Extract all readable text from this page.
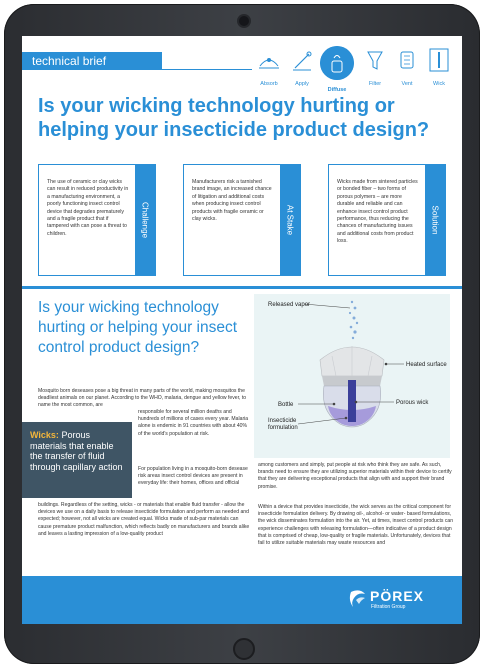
technical brief
Absorb	Apply
Diffuse
Filter	Vent	Wick
Is your wicking technology hurting or helping your insecticide product design?
The use of ceramic or clay wicks can result in reduced productivity in a manufacturing environment, a poorly functioning insect control device that degrades prematurely and a fragile product that if tampered with can pose a threat to children.	Challenge
Manufacturers risk a tarnished brand image, an increased chance of litigation and additional costs when producing insect control products with fragile ceramic or clay wicks.	At Stake
Wicks made from sintered particles or bonded fiber – two forms of porous polymers – are more durable and reliable and can enhance insect control product performance, thus reducing the chances of manufacturing issues and additional costs from product loss.
Solution
Is your wicking technology hurting or helping your insect control product design?
Mosquito born deseases pose a big threat in many parts of the world, making mosquitos the deadliest animals on our planet. According to the WHO, malaria, dengue and yellow fever, to name the most common, are
Wicks: Porous materials that enable the transfer of fluid through capillary action
responsible for several million deaths and hundreds of millions of cases every year. Malaria alone is endemic in 91 countries with about 40% of the world's population at risk.
For population living in a mosquito-born desease risk areas insect control devices are present in everyday life: their homes, offices and official
buildings. Regardless of the setting, wicks - or materials that enable fluid transfer - allow the devices we use on a daily basis to release insecticide formulation and perform as needed and expected; however, not all wicks are created equal. Wicks made of sub-par materials can cause premature product malfunction, which reflects badly on manufacturers and brands alike and leaves a lasting impression of a low-quality product
Released vapor
Heated surface
Bottle	Porous wick
Insecticide
formulation
among customers and simply, put people at risk who think they are safe. As such, brands need to ensure they are utilizing superior materials within their device to certify that they are delivering exceptional products that align with and support their brand promise.
Within a device that provides insecticide, the wick serves as the critical component for insecticide formulation delivery. By drawing oil-, alcohol- or water- based formulations, the wick disseminates formulation into the air. Yet, at times, insect control products can experience challenges with releasing formulation—often indicative of a product design that is comprised of cheap, low-quality or fragile materials. Unfortunately, devices that fail to utilize suitable materials may waste resources and
PÖREX
Filtration Group
